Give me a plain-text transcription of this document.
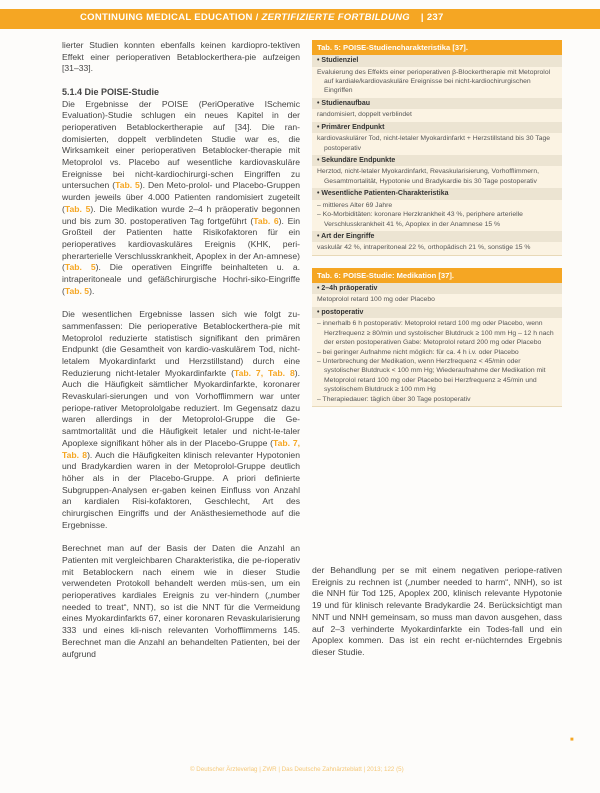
CONTINUING MEDICAL EDUCATION / ZERTIFIZIERTE FORTBILDUNG | 237

lierter Studien konnten ebenfalls keinen kardiopro-tektiven Effekt einer perioperativen Betablockerthera-pie aufzeigen [31–33].

5.1.4 Die POISE-Studie

Die Ergebnisse der POISE (PeriOperative ISchemic Evaluation)-Studie schlugen ein neues Kapitel in der perioperativen Betablockertherapie auf [34]. Die ran-domisierten, doppelt verblindeten Studie war es, die Wirksamkeit einer perioperativen Betablocker-therapie mit Metoprolol vs. Placebo auf wesentliche kardiovaskuläre Ereignisse bei nicht-kardiochirurgi-schen Eingriffen zu untersuchen (Tab. 5). Den Meto-prolol- und Placebo-Gruppen wurden jeweils über 4.000 Patienten randomisiert zugeteilt (Tab. 5). Die Medikation wurde 2–4 h präoperativ begonnen und bis zum 30. postoperativen Tag fortgeführt (Tab. 6). Ein Großteil der Patienten hatte Risikofaktoren für ein perioperatives kardiovaskuläres Ereignis (KHK, peri-pherarterielle Verschlusskrankheit, Apoplex in der An-amnese) (Tab. 5). Die operativen Eingriffe beinhalteten u. a. intraperitoneale und gefäßchirurgische Hochri-siko-Eingriffe (Tab. 5).

Die wesentlichen Ergebnisse lassen sich wie folgt zu-sammenfassen: Die perioperative Betablockerthera-pie mit Metoprolol reduzierte statistisch signifikant den primären Endpunkt (die Gesamtheit von kardio-vaskulärem Tod, nicht-letalem Myokardinfarkt und Herzstillstand) durch eine Reduzierung nicht-letaler Myokardinfarkte (Tab. 7, Tab. 8). Auch die Häufigkeit sämtlicher Myokardinfarkte, koronarer Revaskulari-sierungen und von Vorhofflimmern war unter periope-rativer Metoprololgabe reduziert. Im Gegensatz dazu waren allerdings in der Metoprolol-Gruppe die Ge-samtmortalität und die Häufigkeit letaler und nicht-le-taler Apoplexe signifikant höher als in der Placebo-Gruppe (Tab. 7, Tab. 8). Auch die Häufigkeiten klinisch relevanter Hypotonien und Bradykardien waren in der Metoprolol-Gruppe deutlich höher als in der Placebo-Gruppe. A priori definierte Subgruppen-Analysen er-gaben keinen Einfluss von Anzahl an kardialen Risi-kofaktoren, Geschlecht, Art des chirurgischen Eingriffs und der Anästhesiemethode auf die Ergebnisse.

Berechnet man auf der Basis der Daten die Anzahl an Patienten mit vergleichbaren Charakteristika, die pe-rioperativ mit Betablockern nach einem wie in dieser Studie verwendeten Protokoll behandelt werden müs-sen, um ein perioperatives kardiales Ereignis zu ver-hindern („number needed to treat“, NNT), so ist die NNT für die Vermeidung eines Myokardinfarkts 67, einer koronaren Revaskularisierung 333 und eines kli-nisch relevanten Vorhofflimmerns 145. Berechnet man die Anzahl an behandelten Patienten, bei der aufgrund

Tab. 5: POISE-Studiencharakteristika [37].
• Studienziel
Evaluierung des Effekts einer perioperativen β-Blockertherapie mit Metoprolol auf kardiale/kardiovaskuläre Ereignisse bei nicht-kardiochirurgischen Eingriffen
• Studienaufbau
randomisiert, doppelt verblindet
• Primärer Endpunkt
kardiovaskulärer Tod, nicht-letaler Myokardinfarkt + Herzstillstand bis 30 Tage postoperativ
• Sekundäre Endpunkte
Herztod, nicht-letaler Myokardinfarkt, Revaskularisierung, Vorhofflimmern, Gesamtmortalität, Hypotonie und Bradykardie bis 30 Tage postoperativ
• Wesentliche Patienten-Charakteristika
– mittleres Alter 69 Jahre
– Ko-Morbiditäten: koronare Herzkrankheit 43 %, periphere arterielle Verschlusskrankheit 41 %, Apoplex in der Anamnese 15 %
• Art der Eingriffe
vaskulär 42 %, intraperitoneal 22 %, orthopädisch 21 %, sonstige 15 %
Tab. 6: POISE-Studie: Medikation [37].
• 2–4h präoperativ
Metoprolol retard 100 mg oder Placebo
• postoperativ
– innerhalb 6 h postoperativ: Metoprolol retard 100 mg oder Placebo, wenn Herzfrequenz ≥ 80/min und systolischer Blutdruck ≥ 100 mm Hg – 12 h nach der ersten postoperativen Gabe: Metoprolol retard 200 mg oder Placebo
– bei geringer Aufnahme nicht möglich: für ca. 4 h i.v. oder Placebo
– Unterbrechung der Medikation, wenn Herzfrequenz < 45/min oder systolischer Blutdruck < 100 mm Hg; Wiederaufnahme der Medikation mit Metoprolol retard 100 mg oder Placebo bei Herzfrequenz ≥ 45/min und systolischem Blutdruck ≥ 100 mm Hg
– Therapiedauer: täglich über 30 Tage postoperativ
der Behandlung per se mit einem negativen periope-rativen Ereignis zu rechnen ist („number needed to harm“, NNH), so ist die NNH für Tod 125, Apoplex 200, klinisch relevante Hypotonie 19 und für klinisch relevante Bradykardie 24. Berücksichtigt man NNT und NNH gemeinsam, so muss man davon ausgehen, dass auf 2–3 verhinderte Myokardinfarkte ein Todes-fall und ein Apoplex kommen. Das ist ein recht er-nüchterndes Ergebnis dieser Studie.
■
© Deutscher Ärzteverlag | ZWR | Das Deutsche Zahnärzteblatt | 2013; 122 (5)
